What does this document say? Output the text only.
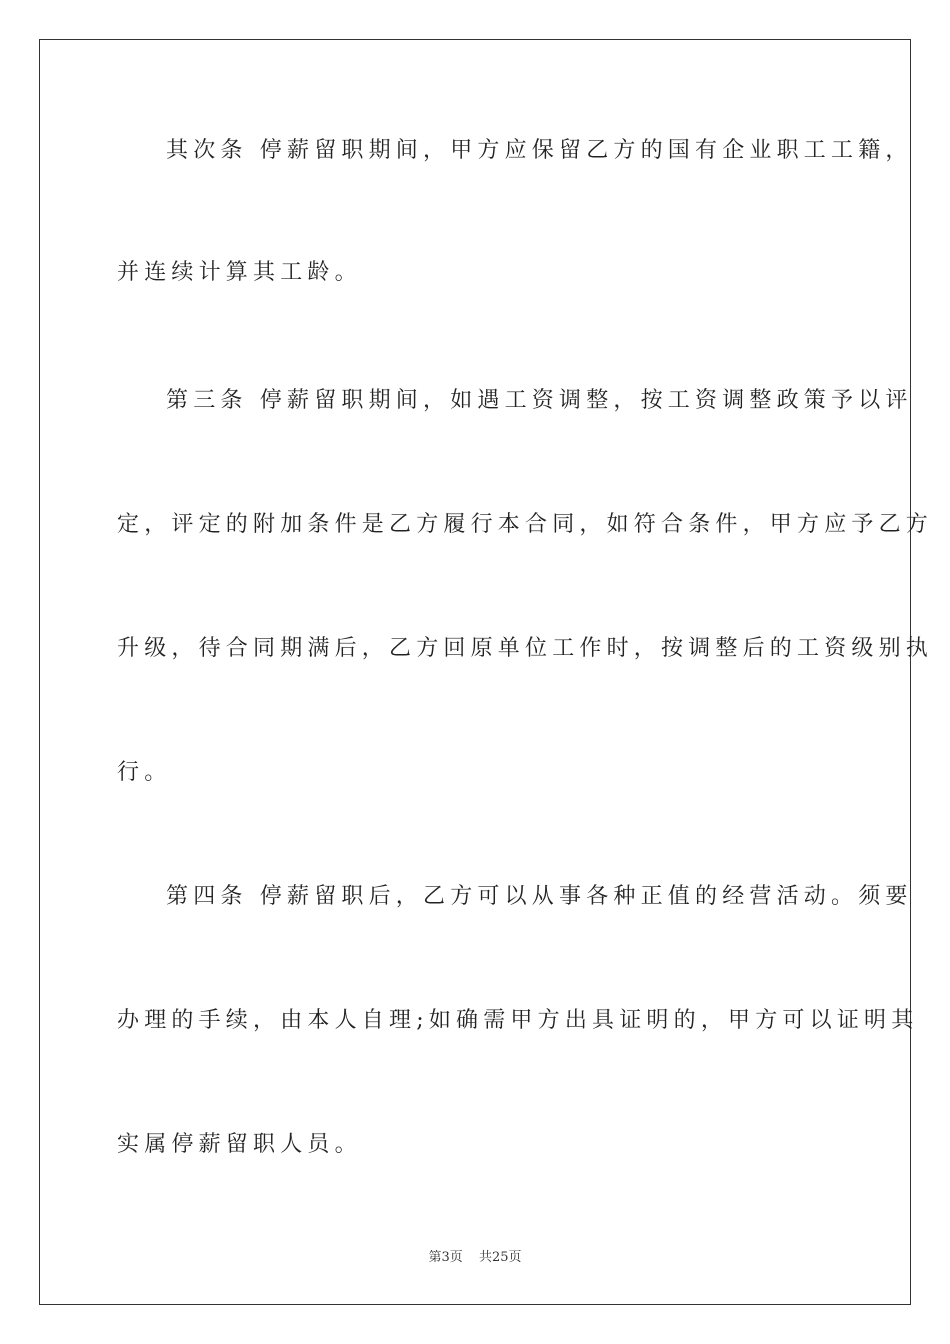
其次条 停薪留职期间，甲方应保留乙方的国有企业职工工籍，
并连续计算其工龄。
第三条 停薪留职期间，如遇工资调整，按工资调整政策予以评
定，评定的附加条件是乙方履行本合同，如符合条件，甲方应予乙方
升级，待合同期满后，乙方回原单位工作时，按调整后的工资级别执
行。
第四条 停薪留职后，乙方可以从事各种正值的经营活动。须要
办理的手续，由本人自理;如确需甲方出具证明的，甲方可以证明其
实属停薪留职人员。
第3页 共25页
